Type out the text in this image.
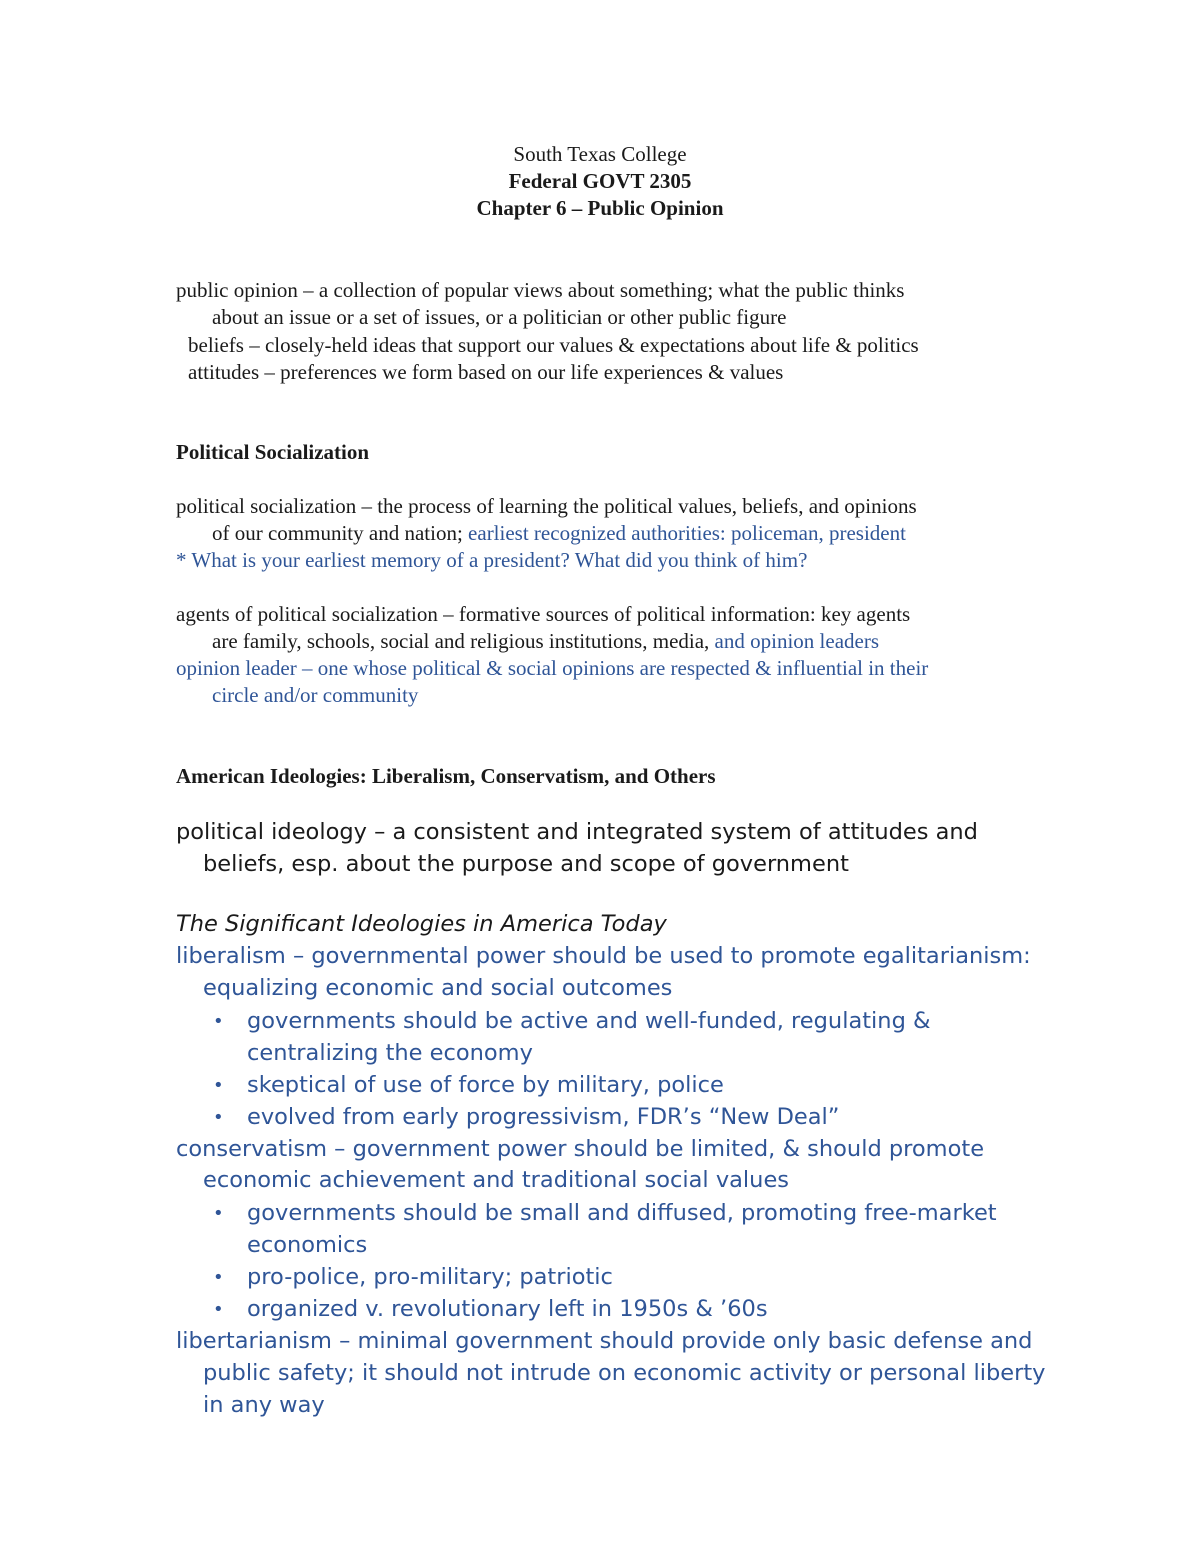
South Texas College
Federal GOVT 2305
Chapter 6 – Public Opinion
public opinion – a collection of popular views about something; what the public thinks
about an issue or a set of issues, or a politician or other public figure
beliefs – closely-held ideas that support our values & expectations about life & politics
attitudes – preferences we form based on our life experiences & values
Political Socialization
political socialization – the process of learning the political values, beliefs, and opinions
of our community and nation; earliest recognized authorities: policeman, president
* What is your earliest memory of a president? What did you think of him?
agents of political socialization – formative sources of political information: key agents
are family, schools, social and religious institutions, media, and opinion leaders
opinion leader – one whose political & social opinions are respected & influential in their
circle and/or community
American Ideologies: Liberalism, Conservatism, and Others
political ideology – a consistent and integrated system of attitudes and
beliefs, esp. about the purpose and scope of government
The Significant Ideologies in America Today
liberalism – governmental power should be used to promote egalitarianism:
equalizing economic and social outcomes
• governments should be active and well-funded, regulating &
centralizing the economy
• skeptical of use of force by military, police
• evolved from early progressivism, FDR’s “New Deal”
conservatism – government power should be limited, & should promote
economic achievement and traditional social values
• governments should be small and diffused, promoting free-market
economics
• pro-police, pro-military; patriotic
• organized v. revolutionary left in 1950s & ’60s
libertarianism – minimal government should provide only basic defense and
public safety; it should not intrude on economic activity or personal liberty
in any way
